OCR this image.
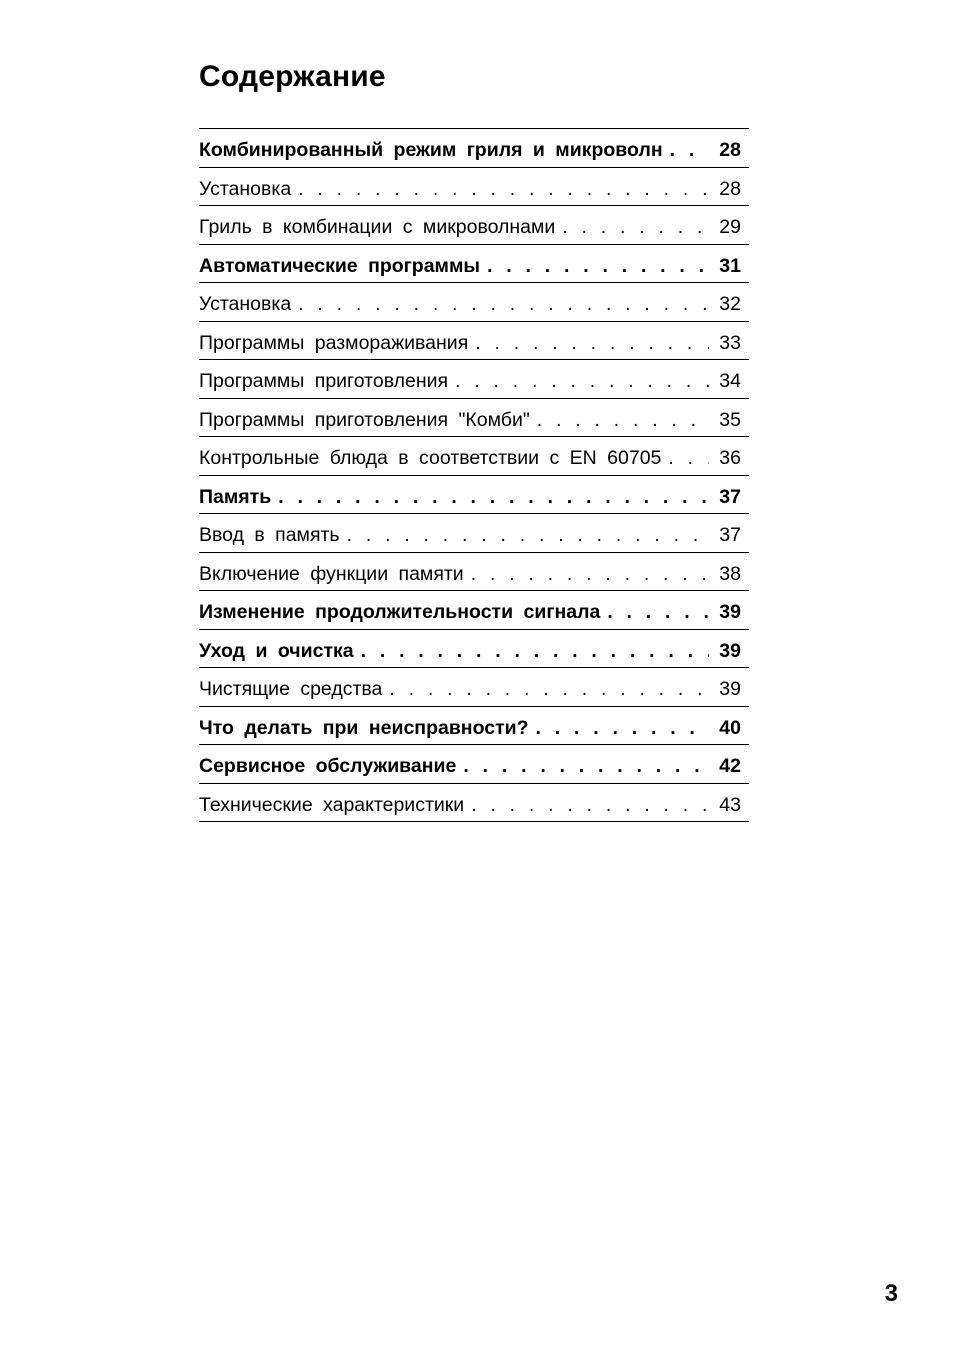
Содержание
Комбинированный режим гриля и микроволн . . .	28
Установка . . .	28
Гриль в комбинации с микроволнами . . .	29
Автоматические программы . . .	31
Установка . . .	32
Программы размораживания . . .	33
Программы приготовления . . .	34
Программы приготовления "Комби" . . .	35
Контрольные блюда в соответствии с EN 60705 . . .	36
Память . . .	37
Ввод в память . . .	37
Включение функции памяти . . .	38
Изменение продолжительности сигнала . . .	39
Уход и очистка . . .	39
Чистящие средства . . .	39
Что делать при неисправности? . . .	40
Сервисное обслуживание . . .	42
Технические характеристики . . .	43
3
